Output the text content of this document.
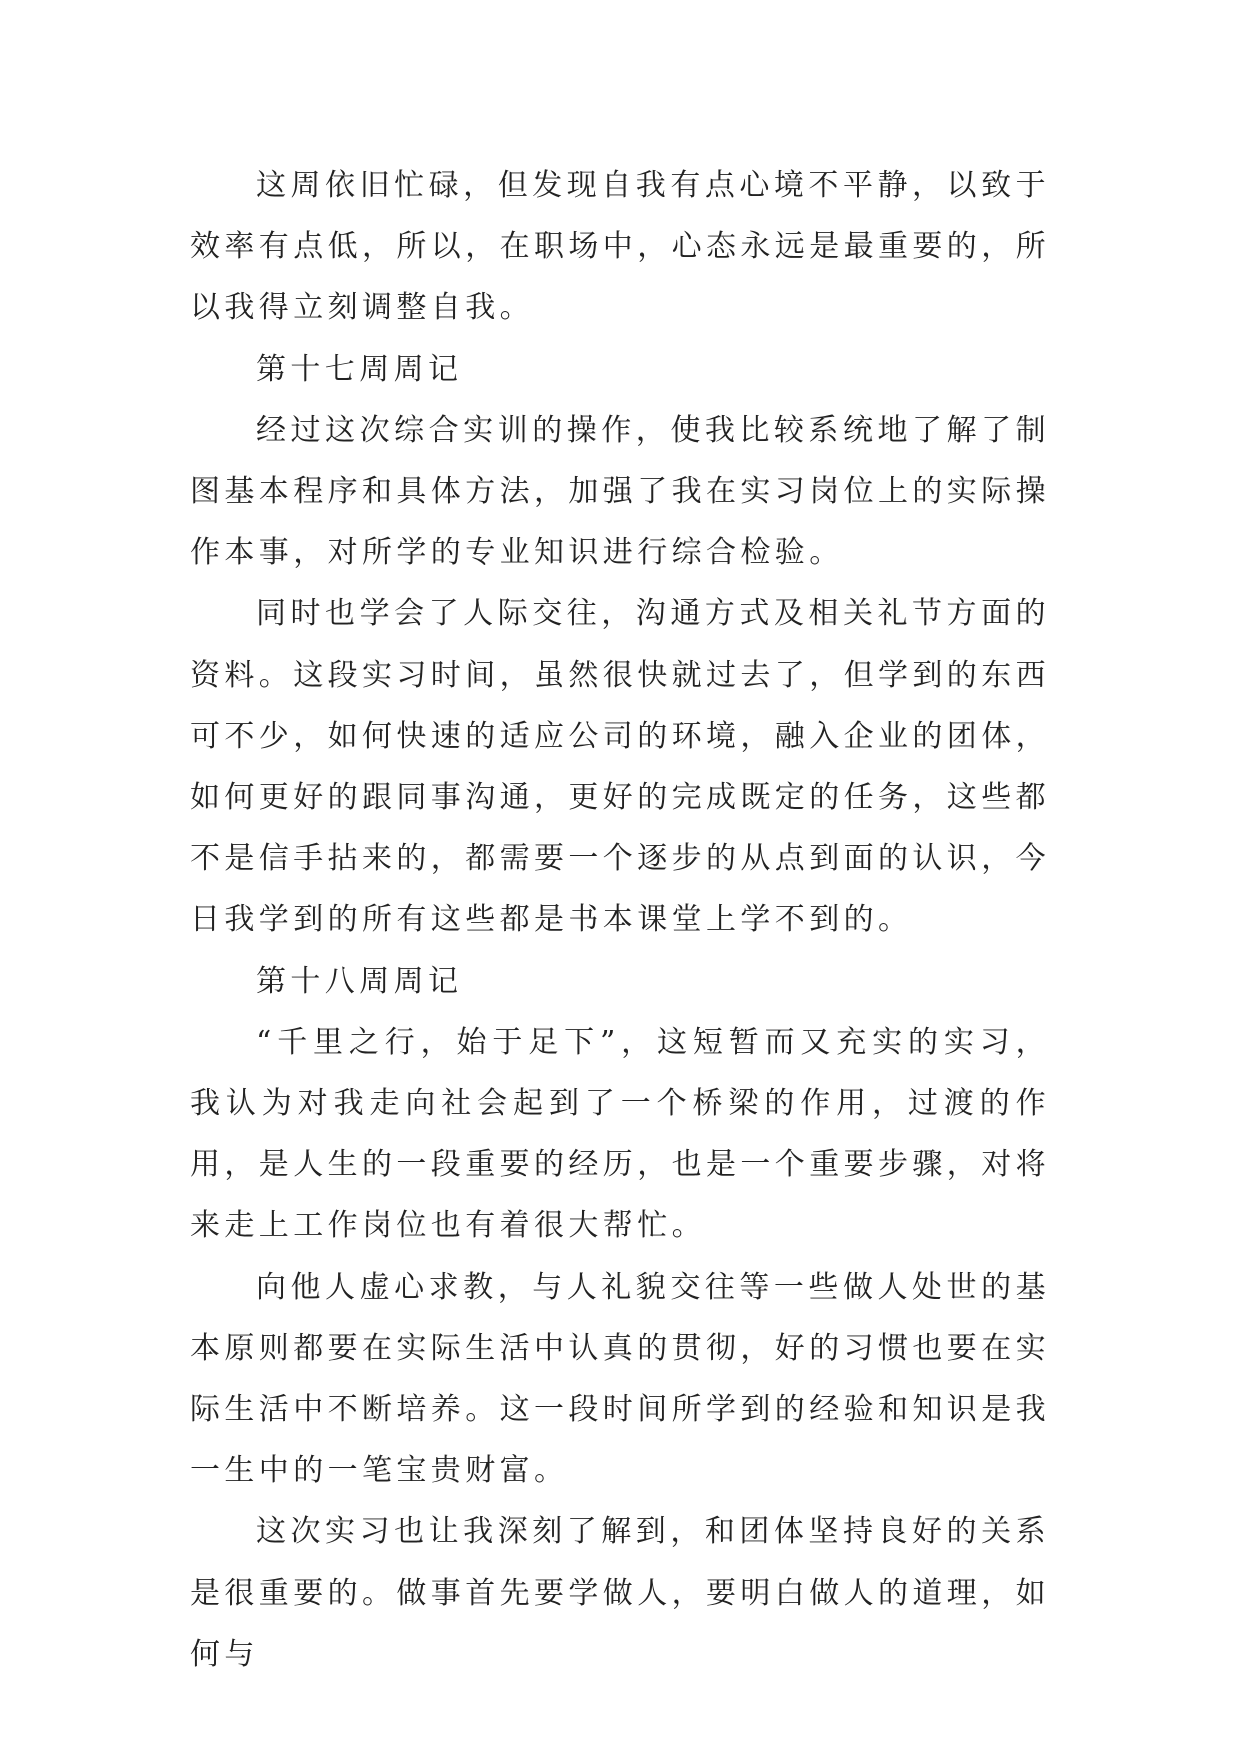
这周依旧忙碌，但发现自我有点心境不平静，以致于效率有点低，所以，在职场中，心态永远是最重要的，所以我得立刻调整自我。

第十七周周记

经过这次综合实训的操作，使我比较系统地了解了制图基本程序和具体方法，加强了我在实习岗位上的实际操作本事，对所学的专业知识进行综合检验。

同时也学会了人际交往，沟通方式及相关礼节方面的资料。这段实习时间，虽然很快就过去了，但学到的东西可不少，如何快速的适应公司的环境，融入企业的团体，如何更好的跟同事沟通，更好的完成既定的任务，这些都不是信手拈来的，都需要一个逐步的从点到面的认识，今日我学到的所有这些都是书本课堂上学不到的。

第十八周周记

“千里之行，始于足下”，这短暂而又充实的实习，我认为对我走向社会起到了一个桥梁的作用，过渡的作用，是人生的一段重要的经历，也是一个重要步骤，对将来走上工作岗位也有着很大帮忙。

向他人虚心求教，与人礼貌交往等一些做人处世的基本原则都要在实际生活中认真的贯彻，好的习惯也要在实际生活中不断培养。这一段时间所学到的经验和知识是我一生中的一笔宝贵财富。

这次实习也让我深刻了解到，和团体坚持良好的关系是很重要的。做事首先要学做人，要明白做人的道理，如何与
